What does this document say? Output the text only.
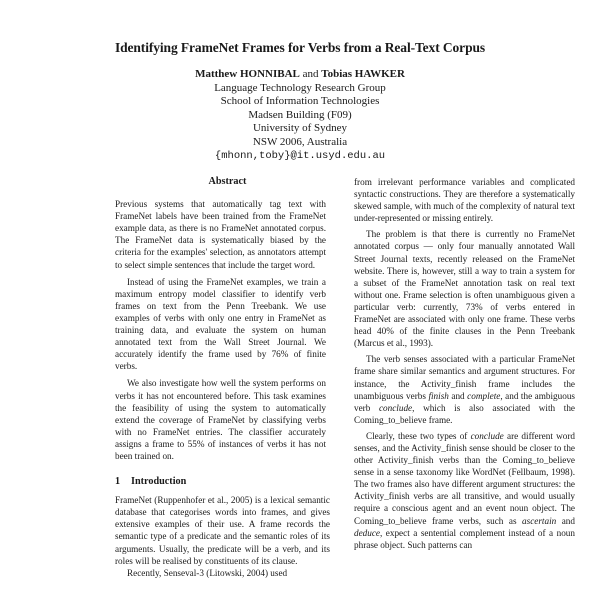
Identifying FrameNet Frames for Verbs from a Real-Text Corpus
Matthew HONNIBAL and Tobias HAWKER
Language Technology Research Group
School of Information Technologies
Madsen Building (F09)
University of Sydney
NSW 2006, Australia
{mhonn,toby}@it.usyd.edu.au
Abstract

Previous systems that automatically tag text with FrameNet labels have been trained from the FrameNet example data, as there is no FrameNet annotated corpus. The FrameNet data is systematically biased by the criteria for the examples' selection, as annotators attempt to select simple sentences that include the target word.

Instead of using the FrameNet examples, we train a maximum entropy model classifier to identify verb frames on text from the Penn Treebank. We use examples of verbs with only one entry in FrameNet as training data, and evaluate the system on human annotated text from the Wall Street Journal. We accurately identify the frame used by 76% of finite verbs.

We also investigate how well the system performs on verbs it has not encountered before. This task examines the feasibility of using the system to automatically extend the coverage of FrameNet by classifying verbs with no FrameNet entries. The classifier accurately assigns a frame to 55% of instances of verbs it has not been trained on.

1 Introduction

FrameNet (Ruppenhofer et al., 2005) is a lexical semantic database that categorises words into frames, and gives extensive examples of their use. A frame records the semantic type of a predicate and the semantic roles of its arguments. Usually, the predicate will be a verb, and its roles will be realised by constituents of its clause.

Recently, Senseval-3 (Litowski, 2004) used

from irrelevant performance variables and complicated syntactic constructions. They are therefore a systematically skewed sample, with much of the complexity of natural text under-represented or missing entirely.

The problem is that there is currently no FrameNet annotated corpus — only four manually annotated Wall Street Journal texts, recently released on the FrameNet website. There is, however, still a way to train a system for a subset of the FrameNet annotation task on real text without one. Frame selection is often unambiguous given a particular verb: currently, 73% of verbs entered in FrameNet are associated with only one frame. These verbs head 40% of the finite clauses in the Penn Treebank (Marcus et al., 1993).

The verb senses associated with a particular FrameNet frame share similar semantics and argument structures. For instance, the Activity_finish frame includes the unambiguous verbs finish and complete, and the ambiguous verb conclude, which is also associated with the Coming_to_believe frame.

Clearly, these two types of conclude are different word senses, and the Activity_finish sense should be closer to the other Activity_finish verbs than the Coming_to_believe sense in a sense taxonomy like WordNet (Fellbaum, 1998). The two frames also have different argument structures: the Activity_finish verbs are all transitive, and would usually require a conscious agent and an event noun object. The Coming_to_believe frame verbs, such as ascertain and deduce, expect a sentential complement instead of a noun phrase object. Such patterns can
